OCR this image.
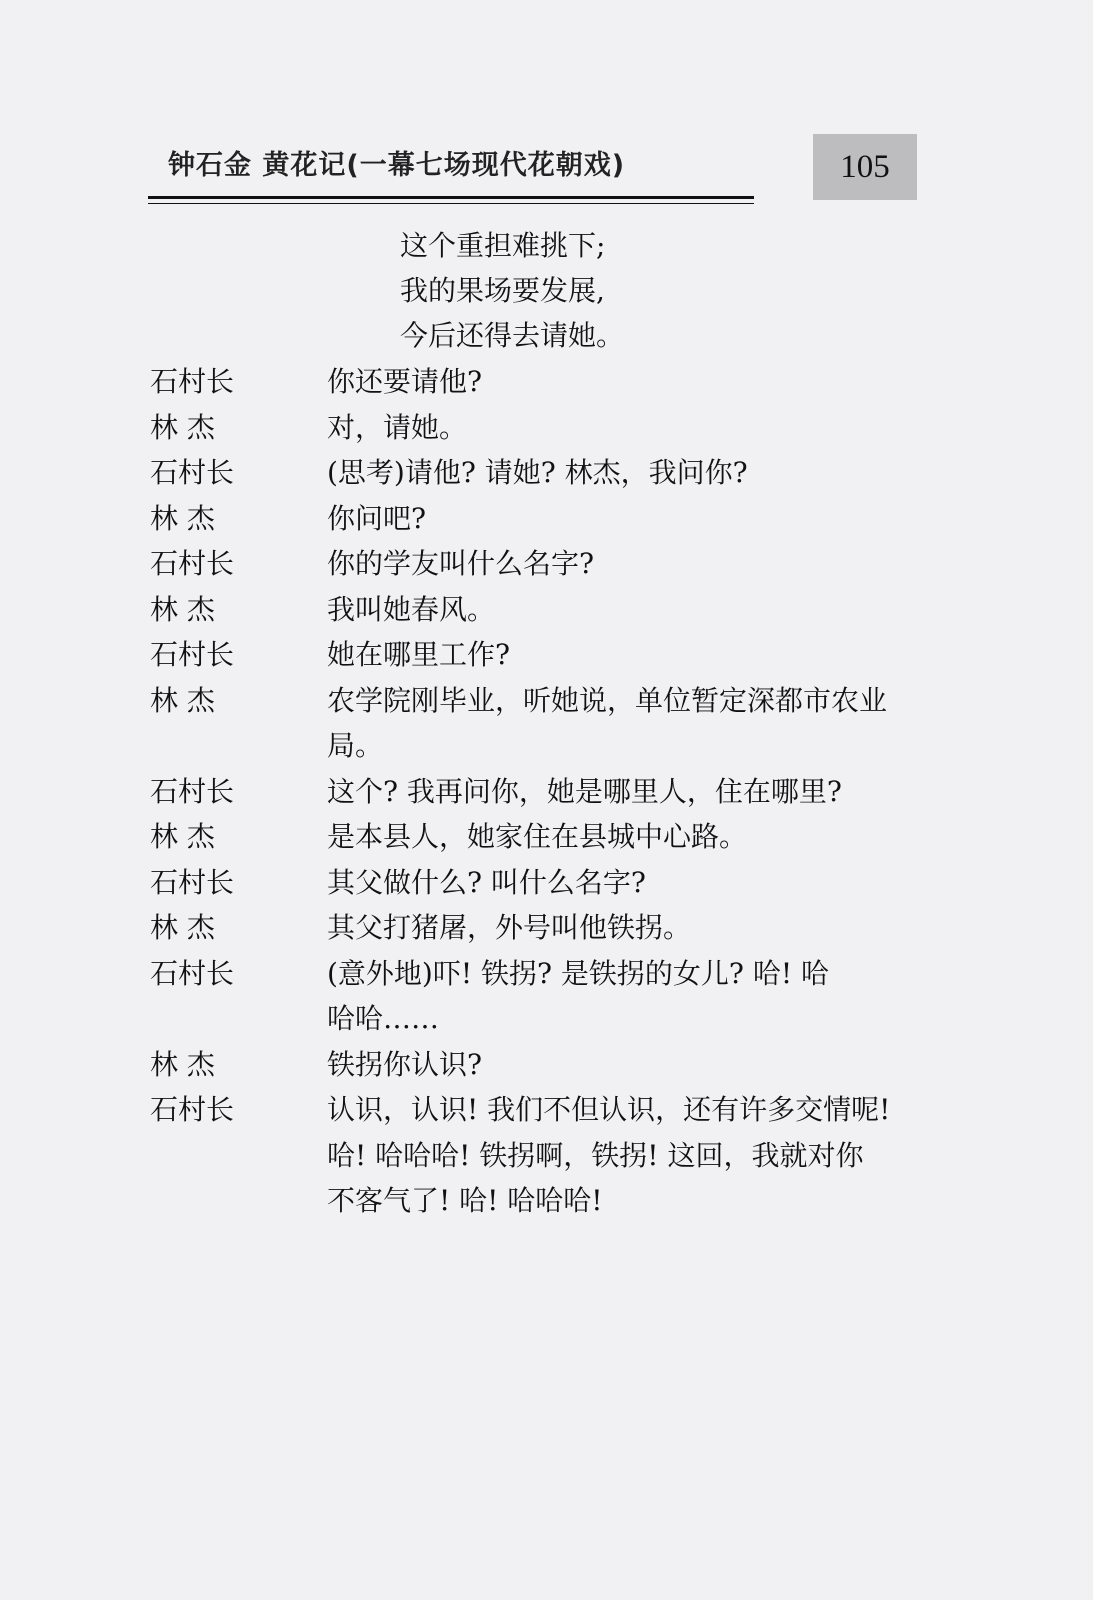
钟石金 黄花记(一幕七场现代花朝戏)	105
这个重担难挑下;
我的果场要发展,
今后还得去请她。
石村长	你还要请他?
林 杰	对，请她。
石村长	(思考)请他? 请她? 林杰，我问你?
林 杰	你问吧?
石村长	你的学友叫什么名字?
林 杰	我叫她春风。
石村长	她在哪里工作?
林 杰	农学院刚毕业，听她说，单位暂定深都市农业
局。
石村长	这个? 我再问你，她是哪里人，住在哪里?
林 杰	是本县人，她家住在县城中心路。
石村长	其父做什么? 叫什么名字?
林 杰	其父打猪屠，外号叫他铁拐。
石村长	(意外地)吓! 铁拐? 是铁拐的女儿? 哈! 哈
哈哈……
林 杰	铁拐你认识?
石村长	认识，认识! 我们不但认识，还有许多交情呢!
哈! 哈哈哈! 铁拐啊，铁拐! 这回，我就对你
不客气了! 哈! 哈哈哈!
